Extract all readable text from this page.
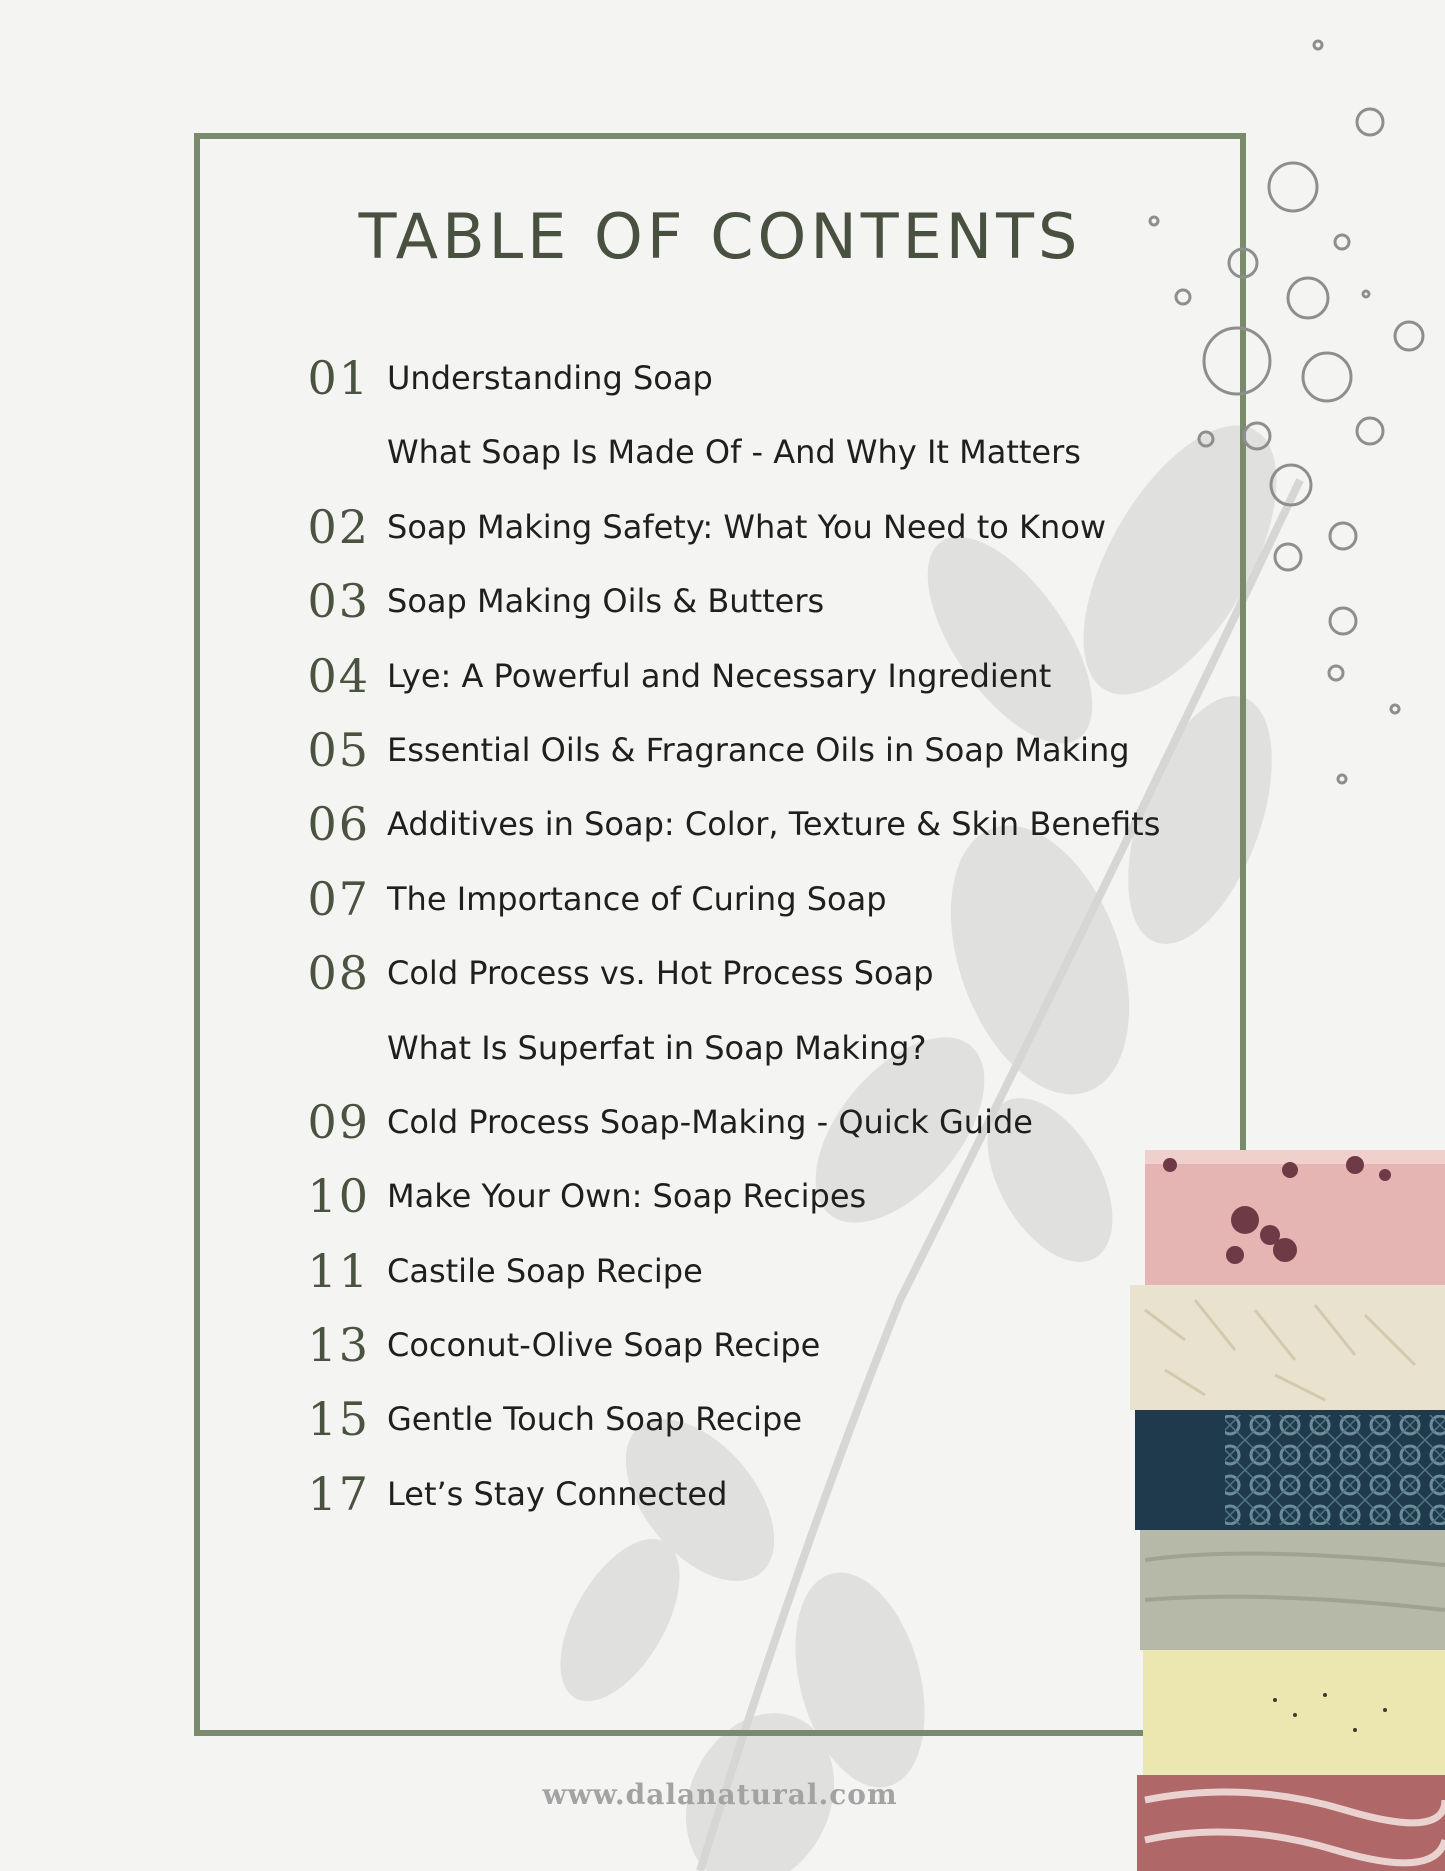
TABLE OF CONTENTS
01 Understanding Soap
What Soap Is Made Of - And Why It Matters
02 Soap Making Safety: What You Need to Know
03 Soap Making Oils & Butters
04 Lye: A Powerful and Necessary Ingredient
05 Essential Oils & Fragrance Oils in Soap Making
06 Additives in Soap: Color, Texture & Skin Benefits
07 The Importance of Curing Soap
08 Cold Process vs. Hot Process Soap
What Is Superfat in Soap Making?
09 Cold Process Soap-Making - Quick Guide
10 Make Your Own: Soap Recipes
11 Castile Soap Recipe
13 Coconut-Olive Soap Recipe
15 Gentle Touch Soap Recipe
17 Let’s Stay Connected
www.dalanatural.com
